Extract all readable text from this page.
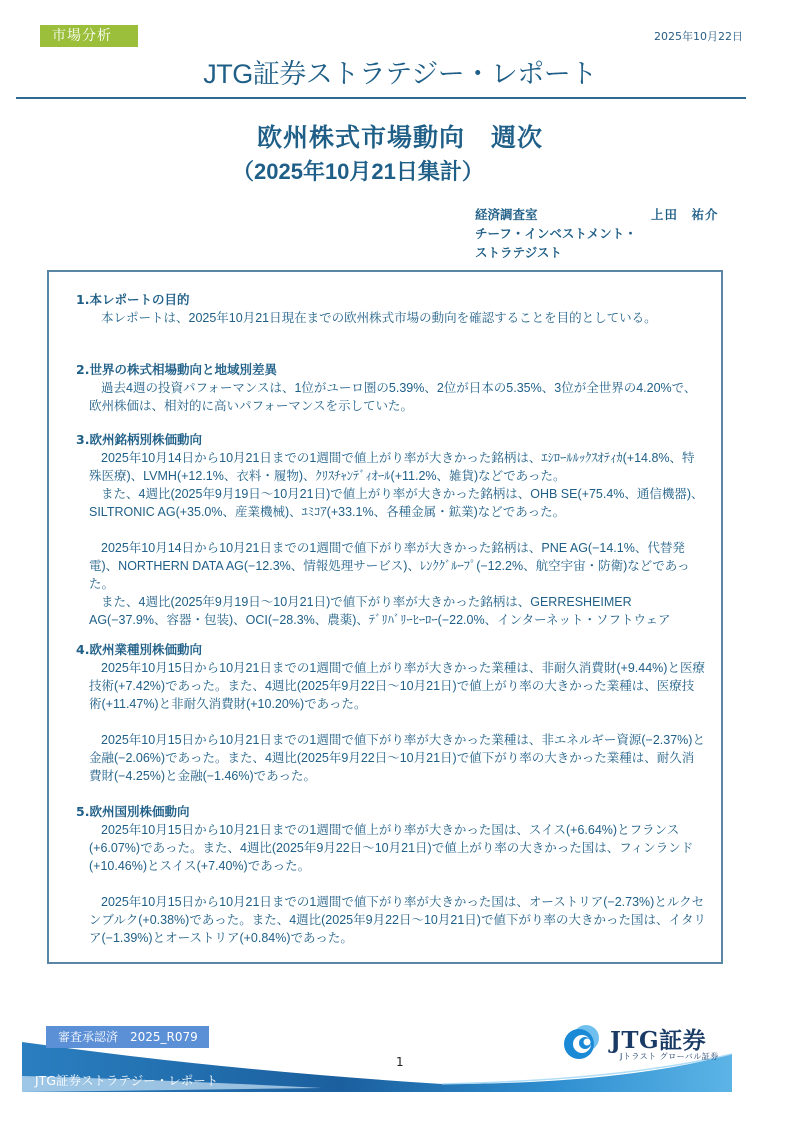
市場分析	2025年10月22日
JTG証券ストラテジー・レポート
欧州株式市場動向　週次
（2025年10月21日集計）
経済調査室	上田　祐介
チーフ・インベストメント・
ストラテジスト
1.本レポートの目的
本レポートは、2025年10月21日現在までの欧州株式市場の動向を確認することを目的としている。
2.世界の株式相場動向と地域別差異
過去4週の投資パフォーマンスは、1位がユーロ圏の5.39%、2位が日本の5.35%、3位が全世界の4.20%で、欧州株価は、相対的に高いパフォーマンスを示していた。
3.欧州銘柄別株価動向
2025年10月14日から10月21日までの1週間で値上がり率が大きかった銘柄は、ｴｼﾛｰﾙﾙｯｸｽｵﾃｨｶ(+14.8%、特殊医療)、LVMH(+12.1%、衣料・履物)、ｸﾘｽﾁｬﾝﾃﾞｨｵｰﾙ(+11.2%、雑貨)などであった。
また、4週比(2025年9月19日～10月21日)で値上がり率が大きかった銘柄は、OHB SE(+75.4%、通信機器)、SILTRONIC AG(+35.0%、産業機械)、ﾕﾐｺｱ(+33.1%、各種金属・鉱業)などであった。
2025年10月14日から10月21日までの1週間で値下がり率が大きかった銘柄は、PNE AG(−14.1%、代替発電)、NORTHERN DATA AG(−12.3%、情報処理サービス)、ﾚﾝｸｸﾞﾙｰﾌﾟ(−12.2%、航空宇宙・防衛)などであった。
また、4週比(2025年9月19日～10月21日)で値下がり率が大きかった銘柄は、GERRESHEIMER AG(−37.9%、容器・包装)、OCI(−28.3%、農薬)、ﾃﾞﾘﾊﾞﾘｰﾋｰﾛｰ(−22.0%、インターネット・ソフトウェア
4.欧州業種別株価動向
2025年10月15日から10月21日までの1週間で値上がり率が大きかった業種は、非耐久消費財(+9.44%)と医療技術(+7.42%)であった。また、4週比(2025年9月22日～10月21日)で値上がり率の大きかった業種は、医療技術(+11.47%)と非耐久消費財(+10.20%)であった。
2025年10月15日から10月21日までの1週間で値下がり率が大きかった業種は、非エネルギー資源(−2.37%)と金融(−2.06%)であった。また、4週比(2025年9月22日～10月21日)で値下がり率の大きかった業種は、耐久消費財(−4.25%)と金融(−1.46%)であった。
5.欧州国別株価動向
2025年10月15日から10月21日までの1週間で値上がり率が大きかった国は、スイス(+6.64%)とフランス(+6.07%)であった。また、4週比(2025年9月22日～10月21日)で値上がり率の大きかった国は、フィンランド(+10.46%)とスイス(+7.40%)であった。
2025年10月15日から10月21日までの1週間で値下がり率が大きかった国は、オーストリア(−2.73%)とルクセンブルク(+0.38%)であった。また、4週比(2025年9月22日～10月21日)で値下がり率の大きかった国は、イタリア(−1.39%)とオーストリア(+0.84%)であった。
審査承認済　2025_R079
JTG証券ストラテジー・レポート
1
JTG証券
Jトラスト グローバル証券
